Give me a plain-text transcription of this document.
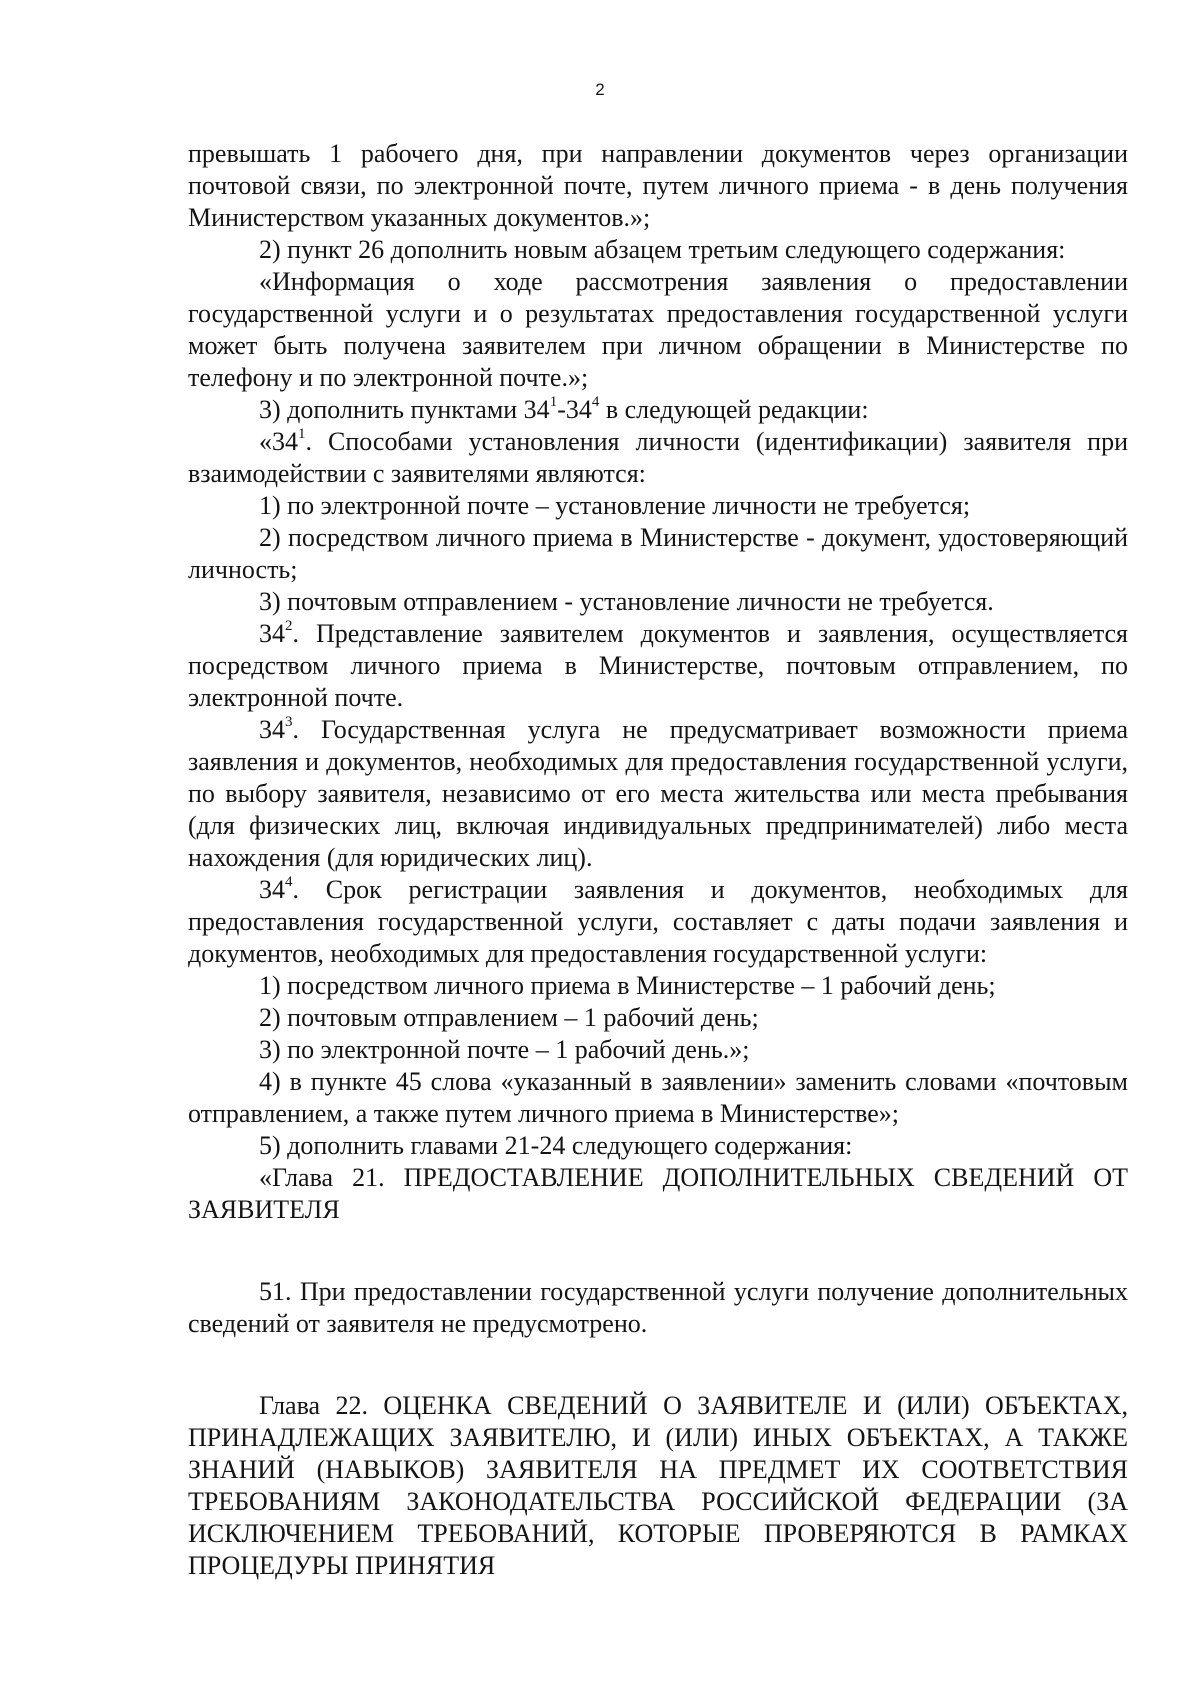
2

превышать 1 рабочего дня, при направлении документов через организации почтовой связи, по электронной почте, путем личного приема - в день получения Министерством указанных документов.»;

2) пункт 26 дополнить новым абзацем третьим следующего содержания:

«Информация о ходе рассмотрения заявления о предоставлении государственной услуги и о результатах предоставления государственной услуги может быть получена заявителем при личном обращении в Министерстве по телефону и по электронной почте.»;

3) дополнить пунктами $34^1-34^4$ в следующей редакции:

«$34^1$. Способами установления личности (идентификации) заявителя при взаимодействии с заявителями являются:

1) по электронной почте – установление личности не требуется;

2) посредством личного приема в Министерстве - документ, удостоверяющий личность;

3) почтовым отправлением - установление личности не требуется.

$34^2$. Представление заявителем документов и заявления, осуществляется посредством личного приема в Министерстве, почтовым отправлением, по электронной почте.

$34^3$. Государственная услуга не предусматривает возможности приема заявления и документов, необходимых для предоставления государственной услуги, по выбору заявителя, независимо от его места жительства или места пребывания (для физических лиц, включая индивидуальных предпринимателей) либо места нахождения (для юридических лиц).

$34^4$. Срок регистрации заявления и документов, необходимых для предоставления государственной услуги, составляет с даты подачи заявления и документов, необходимых для предоставления государственной услуги:

1) посредством личного приема в Министерстве – 1 рабочий день;

2) почтовым отправлением – 1 рабочий день;

3) по электронной почте – 1 рабочий день.»;

4) в пункте 45 слова «указанный в заявлении» заменить словами «почтовым отправлением, а также путем личного приема в Министерстве»;

5) дополнить главами 21-24 следующего содержания:

«Глава 21. ПРЕДОСТАВЛЕНИЕ ДОПОЛНИТЕЛЬНЫХ СВЕДЕНИЙ ОТ ЗАЯВИТЕЛЯ

51. При предоставлении государственной услуги получение дополнительных сведений от заявителя не предусмотрено.

Глава 22. ОЦЕНКА СВЕДЕНИЙ О ЗАЯВИТЕЛЕ И (ИЛИ) ОБЪЕКТАХ, ПРИНАДЛЕЖАЩИХ ЗАЯВИТЕЛЮ, И (ИЛИ) ИНЫХ ОБЪЕКТАХ, А ТАКЖЕ ЗНАНИЙ (НАВЫКОВ) ЗАЯВИТЕЛЯ НА ПРЕДМЕТ ИХ СООТВЕТСТВИЯ ТРЕБОВАНИЯМ ЗАКОНОДАТЕЛЬСТВА РОССИЙСКОЙ ФЕДЕРАЦИИ (ЗА ИСКЛЮЧЕНИЕМ ТРЕБОВАНИЙ, КОТОРЫЕ ПРОВЕРЯЮТСЯ В РАМКАХ ПРОЦЕДУРЫ ПРИНЯТИЯ
